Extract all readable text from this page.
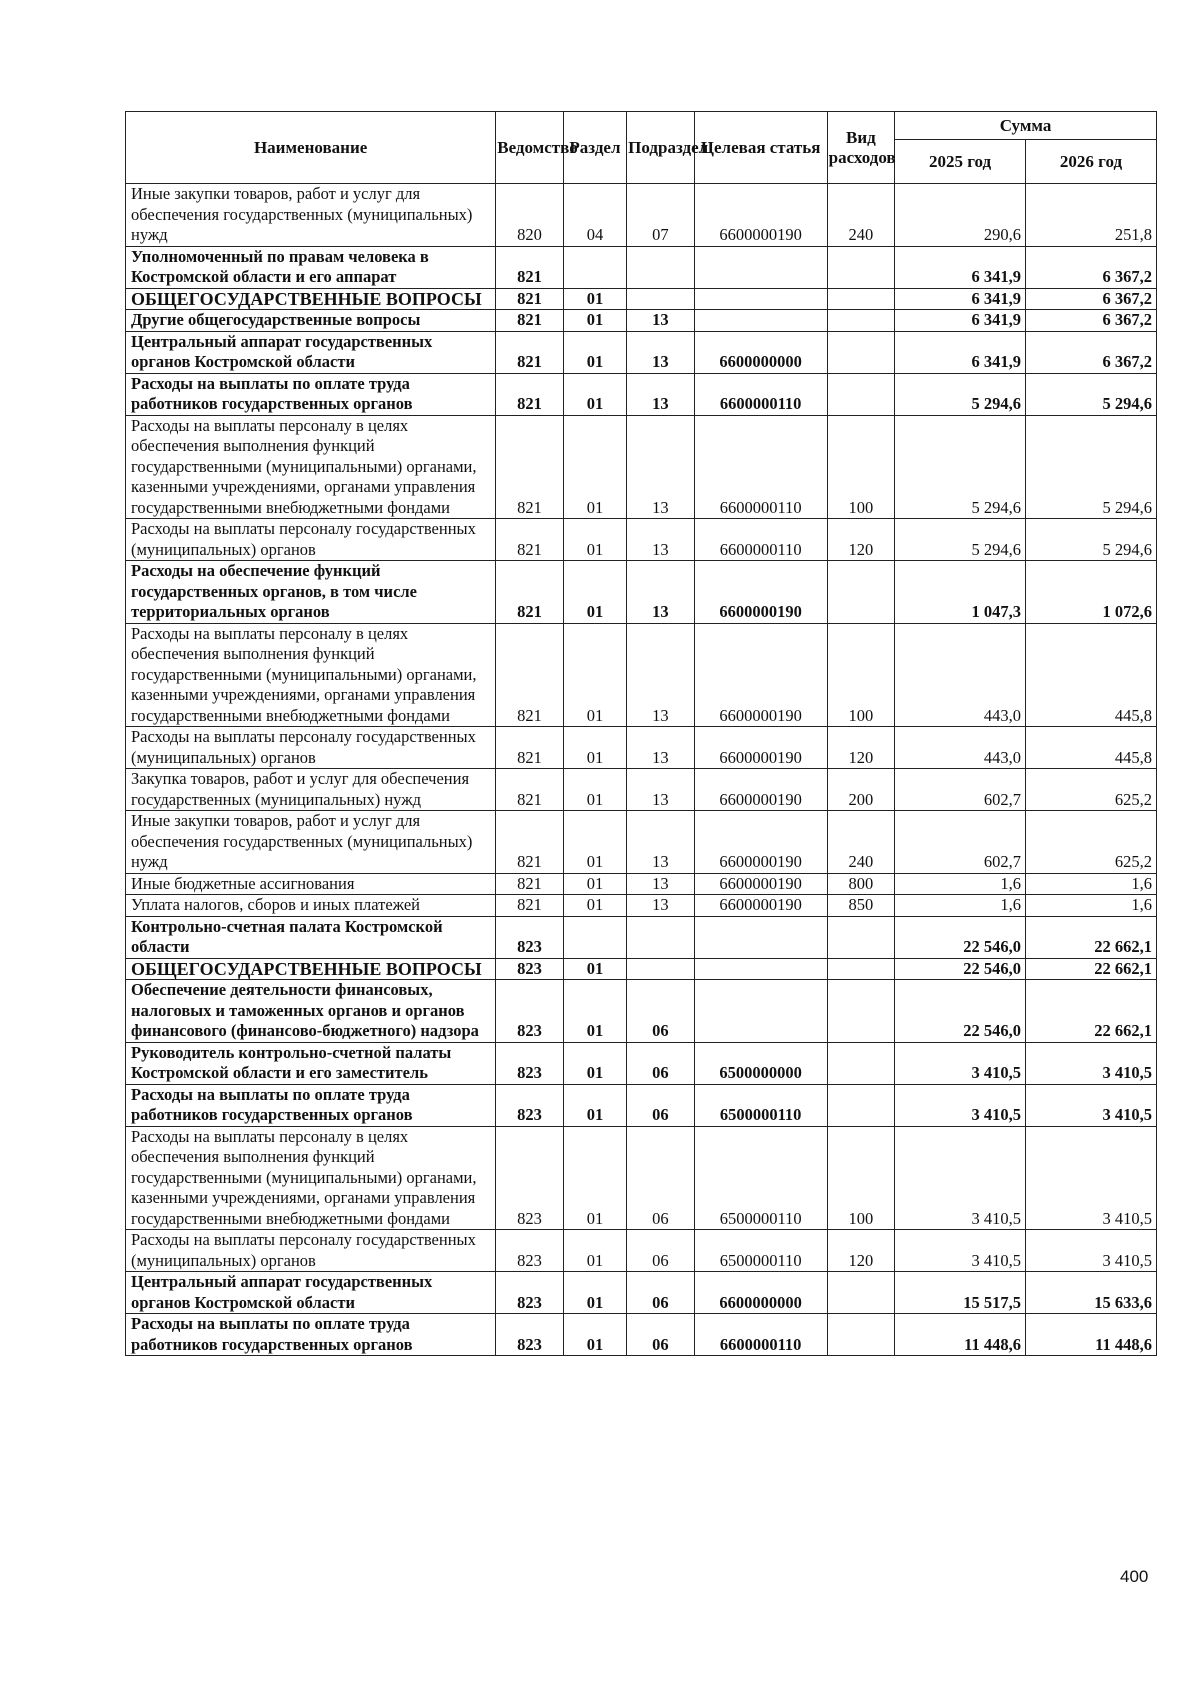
Наименование	Ведомство	Раздел	Подраздел	Целевая статья	Вид расходов	Сумма	
						2025 год	2026 год
Иные закупки товаров, работ и услуг для обеспечения государственных (муниципальных) нужд	820	04	07	6600000190	240	290,6	251,8
Уполномоченный по правам человека в Костромской области и его аппарат	821					6 341,9	6 367,2
ОБЩЕГОСУДАРСТВЕННЫЕ ВОПРОСЫ	821	01				6 341,9	6 367,2
Другие общегосударственные вопросы	821	01	13			6 341,9	6 367,2
Центральный аппарат государственных органов Костромской области	821	01	13	6600000000		6 341,9	6 367,2
Расходы на выплаты по оплате труда работников государственных органов	821	01	13	6600000110		5 294,6	5 294,6
Расходы на выплаты персоналу в целях обеспечения выполнения функций государственными (муниципальными) органами, казенными учреждениями, органами управления государственными внебюджетными фондами	821	01	13	6600000110	100	5 294,6	5 294,6
Расходы на выплаты персоналу государственных (муниципальных) органов	821	01	13	6600000110	120	5 294,6	5 294,6
Расходы на обеспечение функций государственных органов, в том числе территориальных органов	821	01	13	6600000190		1 047,3	1 072,6
Расходы на выплаты персоналу в целях обеспечения выполнения функций государственными (муниципальными) органами, казенными учреждениями, органами управления государственными внебюджетными фондами	821	01	13	6600000190	100	443,0	445,8
Расходы на выплаты персоналу государственных (муниципальных) органов	821	01	13	6600000190	120	443,0	445,8
Закупка товаров, работ и услуг для обеспечения государственных (муниципальных) нужд	821	01	13	6600000190	200	602,7	625,2
Иные закупки товаров, работ и услуг для обеспечения государственных (муниципальных) нужд	821	01	13	6600000190	240	602,7	625,2
Иные бюджетные ассигнования	821	01	13	6600000190	800	1,6	1,6
Уплата налогов, сборов и иных платежей	821	01	13	6600000190	850	1,6	1,6
Контрольно-счетная палата Костромской области	823					22 546,0	22 662,1
ОБЩЕГОСУДАРСТВЕННЫЕ ВОПРОСЫ	823	01				22 546,0	22 662,1
Обеспечение деятельности финансовых, налоговых и таможенных органов и органов финансового (финансово-бюджетного) надзора	823	01	06			22 546,0	22 662,1
Руководитель контрольно-счетной палаты Костромской области и его заместитель	823	01	06	6500000000		3 410,5	3 410,5
Расходы на выплаты по оплате труда работников государственных органов	823	01	06	6500000110		3 410,5	3 410,5
Расходы на выплаты персоналу в целях обеспечения выполнения функций государственными (муниципальными) органами, казенными учреждениями, органами управления государственными внебюджетными фондами	823	01	06	6500000110	100	3 410,5	3 410,5
Расходы на выплаты персоналу государственных (муниципальных) органов	823	01	06	6500000110	120	3 410,5	3 410,5
Центральный аппарат государственных органов Костромской области	823	01	06	6600000000		15 517,5	15 633,6
Расходы на выплаты по оплате труда работников государственных органов	823	01	06	6600000110		11 448,6	11 448,6
400
